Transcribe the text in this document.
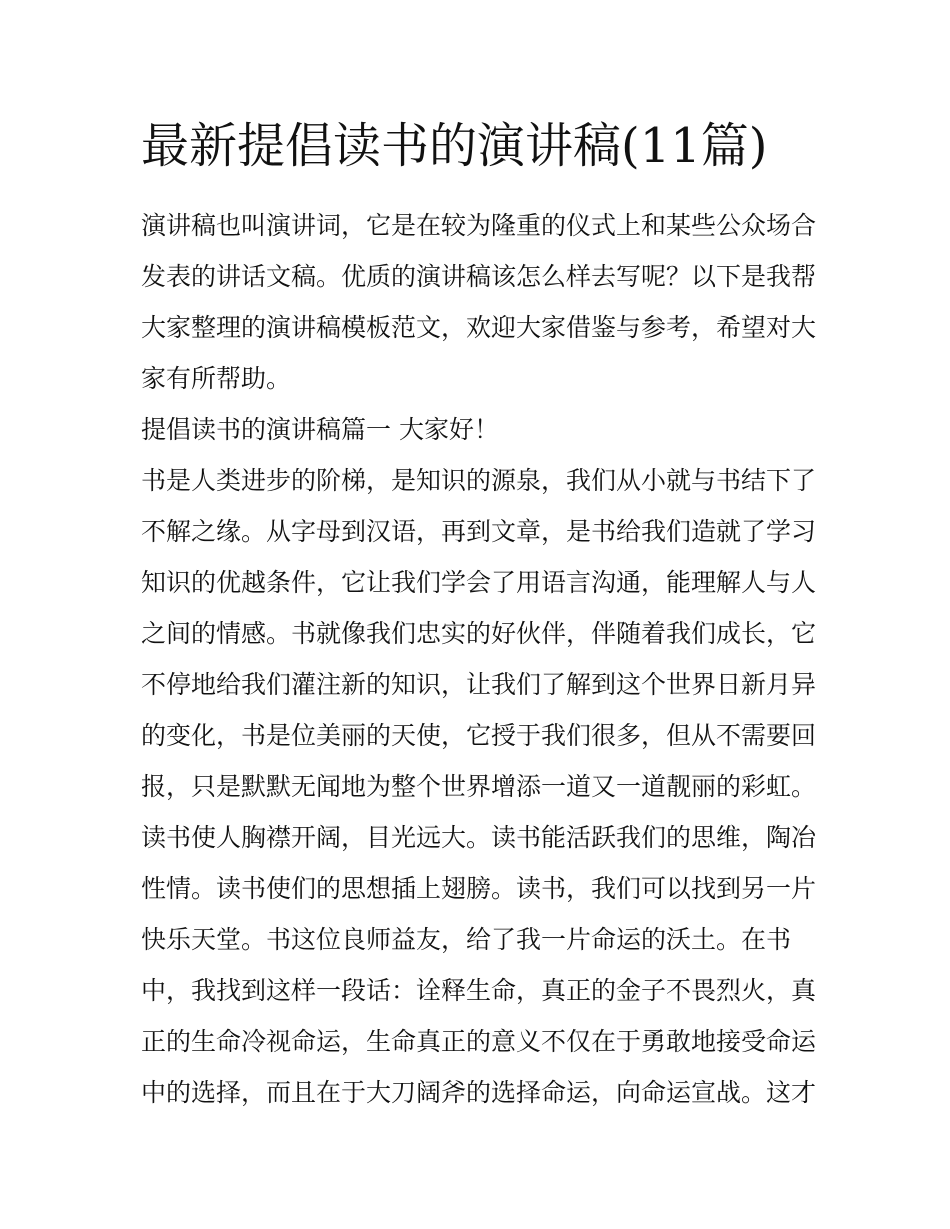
最新提倡读书的演讲稿(11篇)
演讲稿也叫演讲词，它是在较为隆重的仪式上和某些公众场合
发表的讲话文稿。优质的演讲稿该怎么样去写呢？以下是我帮
大家整理的演讲稿模板范文，欢迎大家借鉴与参考，希望对大
家有所帮助。
提倡读书的演讲稿篇一 大家好！
书是人类进步的阶梯，是知识的源泉，我们从小就与书结下了
不解之缘。从字母到汉语，再到文章，是书给我们造就了学习
知识的优越条件，它让我们学会了用语言沟通，能理解人与人
之间的情感。书就像我们忠实的好伙伴，伴随着我们成长，它
不停地给我们灌注新的知识，让我们了解到这个世界日新月异
的变化，书是位美丽的天使，它授于我们很多，但从不需要回
报，只是默默无闻地为整个世界增添一道又一道靓丽的彩虹。
读书使人胸襟开阔，目光远大。读书能活跃我们的思维，陶冶
性情。读书使们的思想插上翅膀。读书，我们可以找到另一片
快乐天堂。书这位良师益友，给了我一片命运的沃土。在书
中，我找到这样一段话：诠释生命，真正的金子不畏烈火，真
正的生命冷视命运，生命真正的意义不仅在于勇敢地接受命运
中的选择，而且在于大刀阔斧的选择命运，向命运宣战。这才
